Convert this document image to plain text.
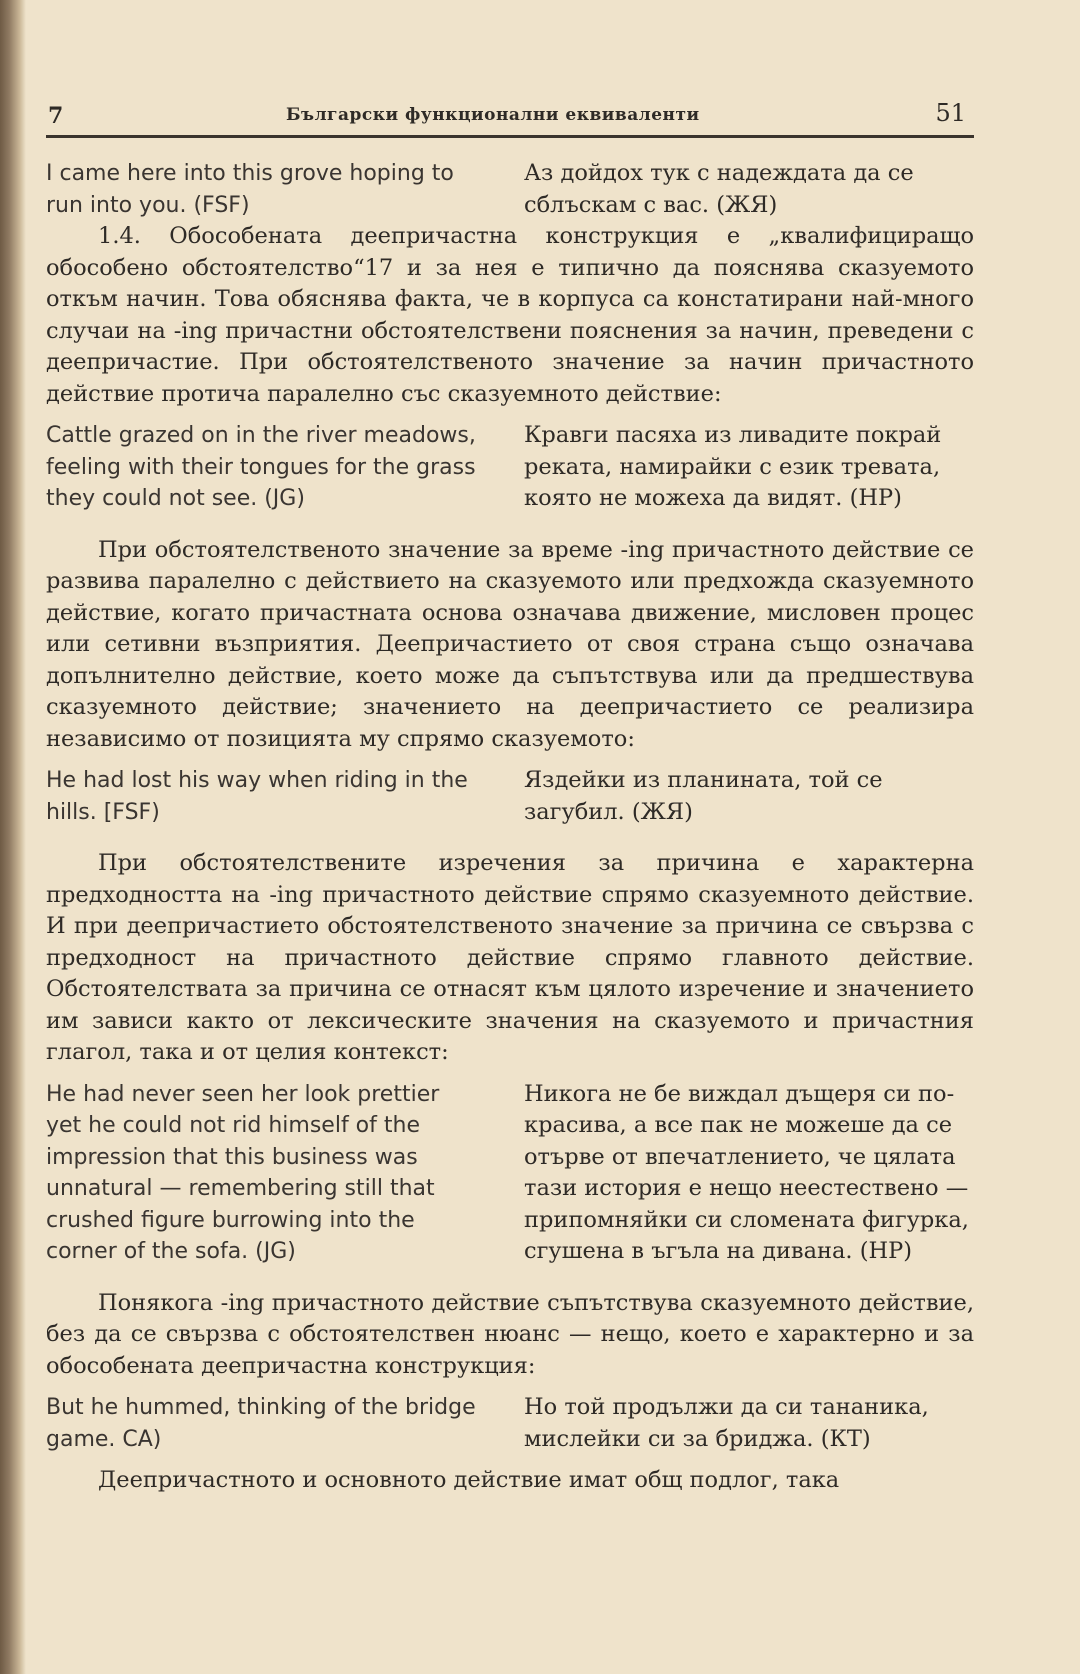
7	Български функционални еквиваленти	51
I came here into this grove hoping to run into you. (FSF)
Аз дойдох тук с надеждата да се сблъскам с вас. (ЖЯ)

1.4. Обособената деепричастна конструкция е „квалифициращо обособено обстоятелство“17 и за нея е типично да пояснява сказуемото откъм начин. Това обяснява факта, че в корпуса са констатирани най-много случаи на -ing причастни обстоятелствени пояснения за начин, преведени с деепричастие. При обстоятелственото значение за начин причастното действие протича паралелно със сказуемното действие:

Cattle grazed on in the river meadows, feeling with their tongues for the grass they could not see. (JG)
Кравги пасяха из ливадите покрай реката, намирайки с език тревата, която не можеха да видят. (НР)

При обстоятелственото значение за време -ing причастното действие се развива паралелно с действието на сказуемото или предхожда сказуемното действие, когато причастната основа означава движение, мисловен процес или сетивни възприятия. Деепричастието от своя страна също означава допълнително действие, което може да съпътствува или да предшествува сказуемното действие; значението на деепричастието се реализира независимо от позицията му спрямо сказуемото:

He had lost his way when riding in the hills. [FSF)
Яздейки из планината, той се загубил. (ЖЯ)

При обстоятелствените изречения за причина е характерна предходността на -ing причастното действие спрямо сказуемното действие. И при деепричастието обстоятелственото значение за причина се свързва с предходност на причастното действие спрямо главното действие. Обстоятелствата за причина се отнасят към цялото изречение и значението им зависи както от лексическите значения на сказуемото и причастния глагол, така и от целия контекст:

He had never seen her look prettier yet he could not rid himself of the impression that this business was unnatural — remembering still that crushed figure burrowing into the corner of the sofa. (JG)
Никога не бе виждал дъщеря си по-красива, а все пак не можеше да се отърве от впечатлението, че цялата тази история е нещо неестествено — припомняйки си сломената фигурка, сгушена в ъгъла на дивана. (НР)

Понякога -ing причастното действие съпътствува сказуемното действие, без да се свързва с обстоятелствен нюанс — нещо, което е характерно и за обособената деепричастна конструкция:

But he hummed, thinking of the bridge game. CA)
Но той продължи да си тананика, мислейки си за бриджа. (КТ)

Деепричастното и основното действие имат общ подлог, така
